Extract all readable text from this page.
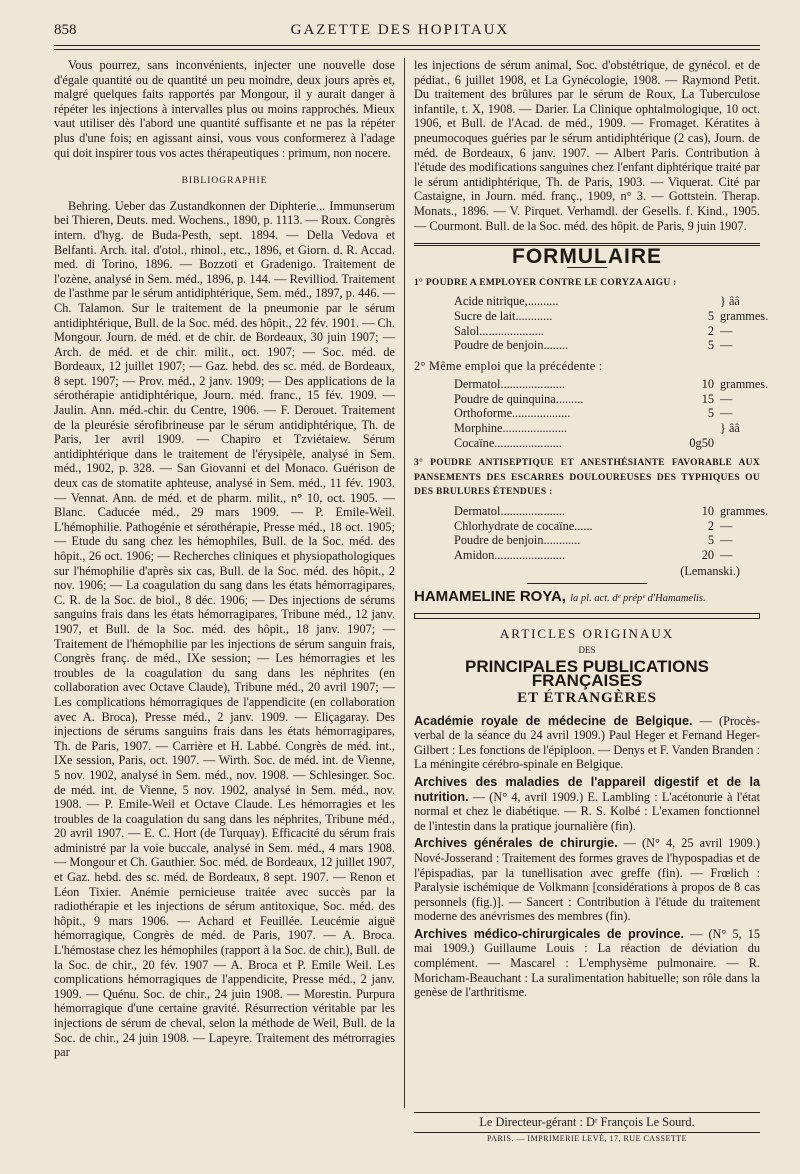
858	GAZETTE DES HOPITAUX

Vous pourrez, sans inconvénients, injecter une nouvelle dose d'égale quantité ou de quantité un peu moindre, deux jours après et, malgré quelques faits rapportés par Mongour, il y aurait danger à répéter les injections à intervalles plus ou moins rapprochés. Mieux vaut utiliser dès l'abord une quantité suffisante et ne pas la répéter plus d'une fois; en agissant ainsi, vous vous conformerez à l'adage qui doit inspirer tous vos actes thérapeutiques : primum, non nocere.

BIBLIOGRAPHIE

Behring. Ueber das Zustandkonnen der Diphterie... Immunserum bei Thieren, Deuts. med. Wochens., 1890, p. 1113. — Roux. Congrès intern. d'hyg. de Buda-Pesth, sept. 1894. — Della Vedova et Belfanti. Arch. ital. d'otol., rhinol., etc., 1896, et Giorn. d. R. Accad. med. di Torino, 1896. — Bozzoti et Gradenigo. Traitement de l'ozène, analysé in Sem. méd., 1896, p. 144. — Revilliod. Traitement de l'asthme par le sérum antidiphtérique, Sem. méd., 1897, p. 446. — Ch. Talamon. Sur le traitement de la pneumonie par le sérum antidiphtérique, Bull. de la Soc. méd. des hôpit., 22 fév. 1901. — Ch. Mongour. Journ. de méd. et de chir. de Bordeaux, 30 juin 1907; — Arch. de méd. et de chir. milit., oct. 1907; — Soc. méd. de Bordeaux, 12 juillet 1907; — Gaz. hebd. des sc. méd. de Bordeaux, 8 sept. 1907; — Prov. méd., 2 janv. 1909; — Des applications de la sérothérapie antidiphtérique, Journ. méd. franc., 15 fév. 1909. — Jaulin. Ann. méd.-chir. du Centre, 1906. — F. Derouet. Traitement de la pleurésie sérofibrineuse par le sérum antidiphtérique, Th. de Paris, 1er avril 1909. — Chapiro et Tzviétaiew. Sérum antidiphtérique dans le traitement de l'érysipèle, analysé in Sem. méd., 1902, p. 328. — San Giovanni et del Monaco. Guérison de deux cas de stomatite aphteuse, analysé in Sem. méd., 11 fév. 1903. — Vennat. Ann. de méd. et de pharm. milit., n° 10, oct. 1905. — Blanc. Caducée méd., 29 mars 1909. — P. Emile-Weil. L'hémophilie. Pathogénie et sérothérapie, Presse méd., 18 oct. 1905; — Etude du sang chez les hémophiles, Bull. de la Soc. méd. des hôpit., 26 oct. 1906; — Recherches cliniques et physiopathologiques sur l'hémophilie d'après six cas, Bull. de la Soc. méd. des hôpit., 2 nov. 1906; — La coagulation du sang dans les états hémorragipares, C. R. de la Soc. de biol., 8 déc. 1906; — Des injections de sérums sanguins frais dans les états hémorragipares, Tribune méd., 12 janv. 1907, et Bull. de la Soc. méd. des hôpit., 18 janv. 1907; — Traitement de l'hémophilie par les injections de sérum sanguin frais, Congrès franç. de méd., IXe session; — Les hémorragies et les troubles de la coagulation du sang dans les néphrites (en collaboration avec Octave Claude), Tribune méd., 20 avril 1907; — Les complications hémorragiques de l'appendicite (en collaboration avec A. Broca), Presse méd., 2 janv. 1909. — Eliçagaray. Des injections de sérums sanguins frais dans les états hémorragipares, Th. de Paris, 1907. — Carrière et H. Labbé. Congrès de méd. int., IXe session, Paris, oct. 1907. — Wirth. Soc. de méd. int. de Vienne, 5 nov. 1902, analysé in Sem. méd., nov. 1908. — Schlesinger. Soc. de méd. int. de Vienne, 5 nov. 1902, analysé in Sem. méd., nov. 1908. — P. Emile-Weil et Octave Claude. Les hémorragies et les troubles de la coagulation du sang dans les néphrites, Tribune méd., 20 avril 1907. — E. C. Hort (de Turquay). Efficacité du sérum frais administré par la voie buccale, analysé in Sem. méd., 4 mars 1908. — Mongour et Ch. Gauthier. Soc. méd. de Bordeaux, 12 juillet 1907, et Gaz. hebd. des sc. méd. de Bordeaux, 8 sept. 1907. — Renon et Léon Tixier. Anémie pernicieuse traitée avec succès par la radiothérapie et les injections de sérum antitoxique, Soc. méd. des hôpit., 9 mars 1906. — Achard et Feuillée. Leucémie aiguë hémorragique, Congrès de méd. de Paris, 1907. — A. Broca. L'hémostase chez les hémophiles (rapport à la Soc. de chir.), Bull. de la Soc. de chir., 20 fév. 1907 — A. Broca et P. Emile Weil. Les complications hémorragiques de l'appendicite, Presse méd., 2 janv. 1909. — Quénu. Soc. de chir., 24 juin 1908. — Morestin. Purpura hémorragique d'une certaine gravité. Résurrection véritable par les injections de sérum de cheval, selon la méthode de Weil, Bull. de la Soc. de chir., 24 juin 1908. — Lapeyre. Traitement des métrorragies par

les injections de sérum animal, Soc. d'obstétrique, de gynécol. et de pédiat., 6 juillet 1908, et La Gynécologie, 1908. — Raymond Petit. Du traitement des brûlures par le sérum de Roux, La Tuberculose infantile, t. X, 1908. — Darier. La Clinique ophtalmologique, 10 oct. 1906, et Bull. de l'Acad. de méd., 1909. — Fromaget. Kératites à pneumocoques guéries par le sérum antidiphtérique (2 cas), Journ. de méd. de Bordeaux, 6 janv. 1907. — Albert Paris. Contribution à l'étude des modifications sanguines chez l'enfant diphtérique traité par le sérum antidiphtérique, Th. de Paris, 1903. — Viquerat. Cité par Castaigne, in Journ. méd. franç., 1909, n° 3. — Gottstein. Therap. Monats., 1896. — V. Pirquet. Verhamdl. der Gesells. f. Kind., 1905. — Courmont. Bull. de la Soc. méd. des hôpit. de Paris, 9 juin 1907.

FORMULAIRE
1° POUDRE A EMPLOYER CONTRE LE CORYZA AIGU :
Acide nitrique,..........	} ââ
Sucre de lait............	5 grammes.
Salol.....................	2 —
Poudre de benjoin........	5 —
2° Même emploi que la précédente :
Dermatol.....................	10 grammes.
Poudre de quinquina.........	15 —
Orthoforme...................	5 —
Morphine.....................	} ââ
Cocaïne......................	0g50
3° POUDRE ANTISEPTIQUE ET ANESTHÉSIANTE FAVORABLE AUX PANSEMENTS DES ESCARRES DOULOUREUSES DES TYPHIQUES OU DES BRULURES ÉTENDUES :
Dermatol.....................	10 grammes.
Chlorhydrate de cocaïne......	2 —
Poudre de benjoin............	5 —
Amidon.......................	20 —
(Lemanski.)
HAMAMELINE ROYA, la pl. act. dᵉ prépᵉ d'Hamamelis.
ARTICLES ORIGINAUX
DES
PRINCIPALES PUBLICATIONS FRANÇAISES
ET ÉTRANGÈRES
Académie royale de médecine de Belgique. — (Procès-verbal de la séance du 24 avril 1909.) Paul Heger et Fernand Heger-Gilbert : Les fonctions de l'épiploon. — Denys et F. Vanden Branden : La méningite cérébro-spinale en Belgique.
Archives des maladies de l'appareil digestif et de la nutrition. — (N° 4, avril 1909.) E. Lambling : L'acétonurie à l'état normal et chez le diabétique. — R. S. Kolbé : L'examen fonctionnel de l'intestin dans la pratique journalière (fin).
Archives générales de chirurgie. — (N° 4, 25 avril 1909.) Nové-Josserand : Traitement des formes graves de l'hypospadias et de l'épispadias, par la tunellisation avec greffe (fin). — Frœlich : Paralysie ischémique de Volkmann [considérations à propos de 8 cas personnels (fig.)]. — Sancert : Contribution à l'étude du traitement moderne des anévrismes des membres (fin).
Archives médico-chirurgicales de province. — (N° 5, 15 mai 1909.) Guillaume Louis : La réaction de déviation du complément. — Mascarel : L'emphysème pulmonaire. — R. Moricham-Beauchant : La suralimentation habituelle; son rôle dans la genèse de l'arthritisme.
Le Directeur-gérant : Dʳ François Le Sourd.
PARIS. — IMPRIMERIE LEVÉ, 17, RUE CASSETTE
